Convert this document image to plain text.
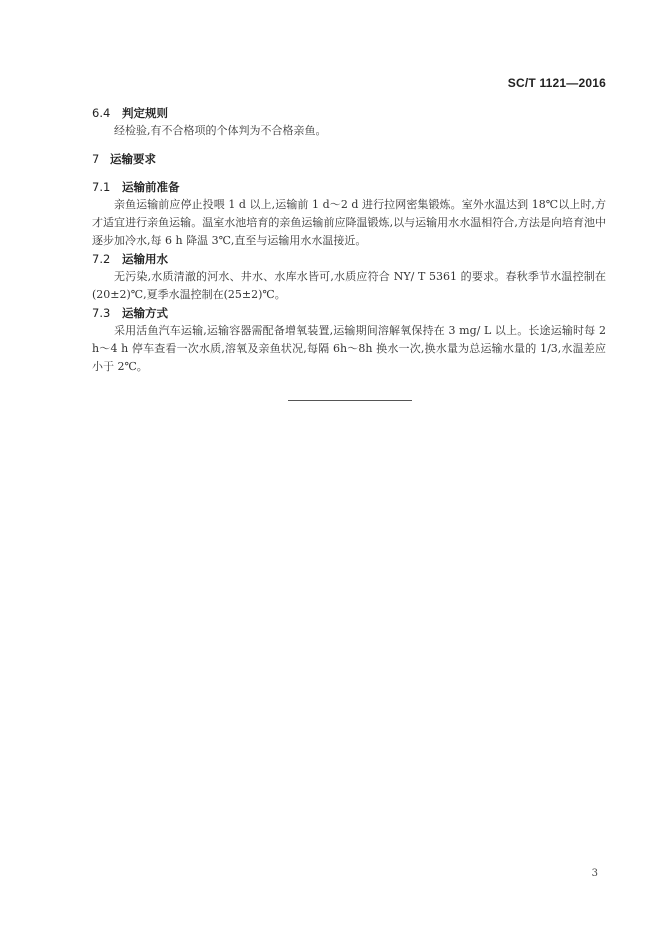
SC/T 1121—2016
6.4 判定规则

经检验,有不合格项的个体判为不合格亲鱼。

7 运输要求
7.1 运输前准备

亲鱼运输前应停止投喂 1 d 以上,运输前 1 d～2 d 进行拉网密集锻炼。室外水温达到 18℃以上时,方才适宜进行亲鱼运输。温室水池培育的亲鱼运输前应降温锻炼,以与运输用水水温相符合,方法是向培育池中逐步加冷水,每 6 h 降温 3℃,直至与运输用水水温接近。

7.2 运输用水

无污染,水质清澈的河水、井水、水库水皆可,水质应符合 NY/ T 5361 的要求。春秋季节水温控制在(20±2)℃,夏季水温控制在(25±2)℃。

7.3 运输方式

采用活鱼汽车运输,运输容器需配备增氧装置,运输期间溶解氧保持在 3 mg/ L 以上。长途运输时每 2 h～4 h 停车查看一次水质,溶氧及亲鱼状况,每隔 6h～8h 换水一次,换水量为总运输水量的 1/3,水温差应小于 2℃。

3
